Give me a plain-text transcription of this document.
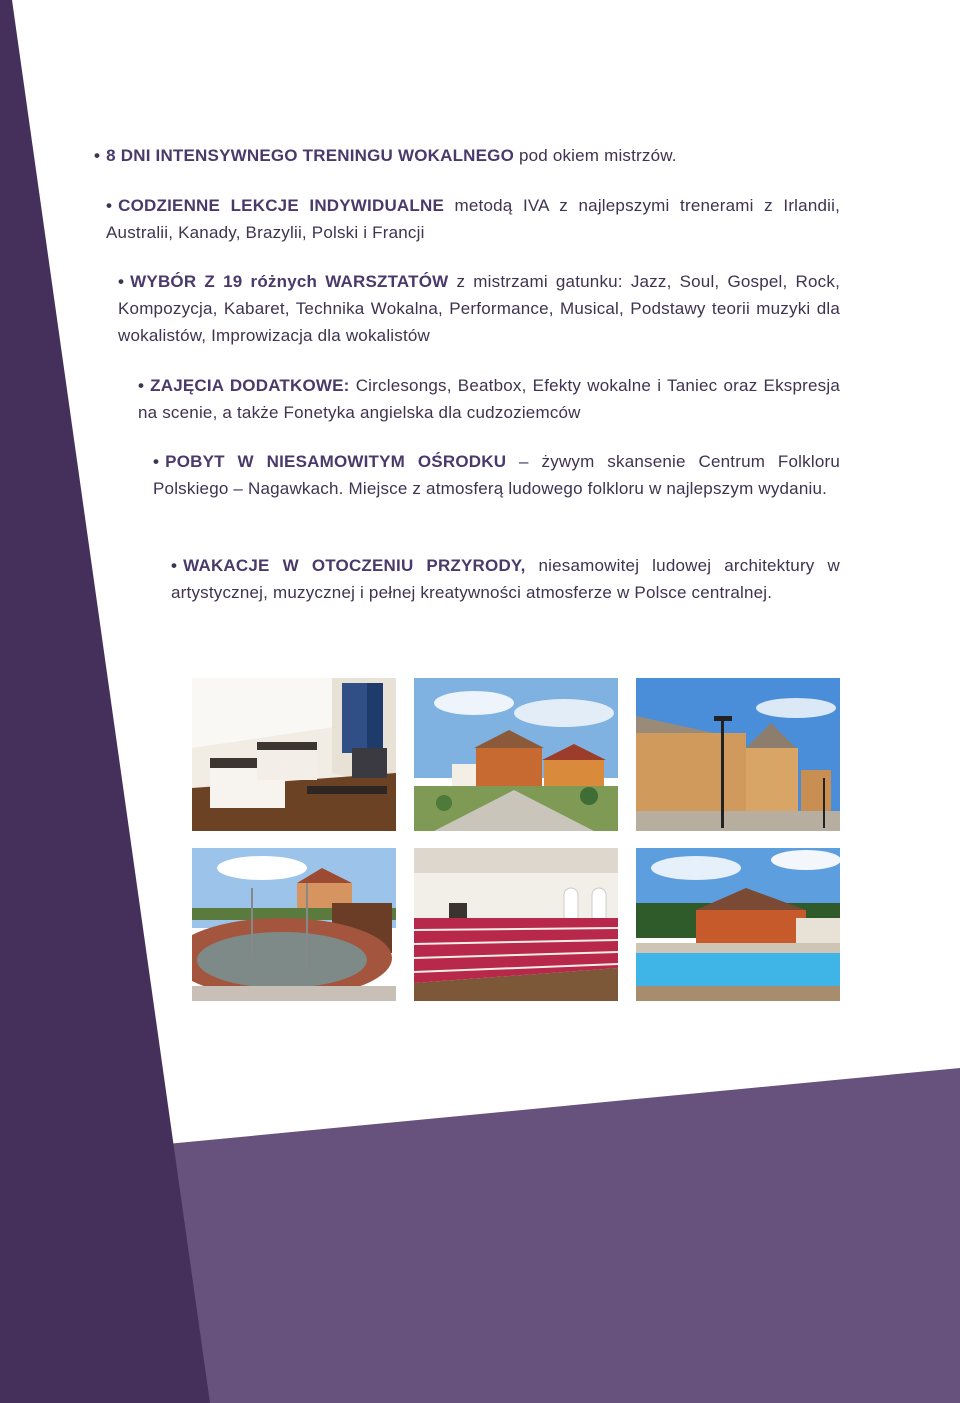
• 8 DNI INTENSYWNEGO TRENINGU WOKALNEGO pod okiem mistrzów.
• CODZIENNE LEKCJE INDYWIDUALNE metodą IVA z najlepszymi trenerami z Irlandii, Australii, Kanady, Brazylii, Polski i Francji
• WYBÓR Z 19 różnych WARSZTATÓW z mistrzami gatunku: Jazz, Soul, Gospel, Rock, Kompozycja, Kabaret, Technika Wokalna, Performance, Musical, Podstawy teorii muzyki dla wokalistów, Improwizacja dla wokalistów
• ZAJĘCIA DODATKOWE: Circlesongs, Beatbox, Efekty wokalne i Taniec oraz Ekspresja na scenie, a także Fonetyka angielska dla cudzoziemców
• POBYT W NIESAMOWITYM OŚRODKU – żywym skansenie Centrum Folkloru Polskiego – Nagawkach. Miejsce z atmosferą ludowego folkloru w najlepszym wydaniu.
• WAKACJE W OTOCZENIU PRZYRODY, niesamowitej ludowej architektury w artystycznej, muzycznej i pełnej kreatywności atmosferze w Polsce centralnej.
